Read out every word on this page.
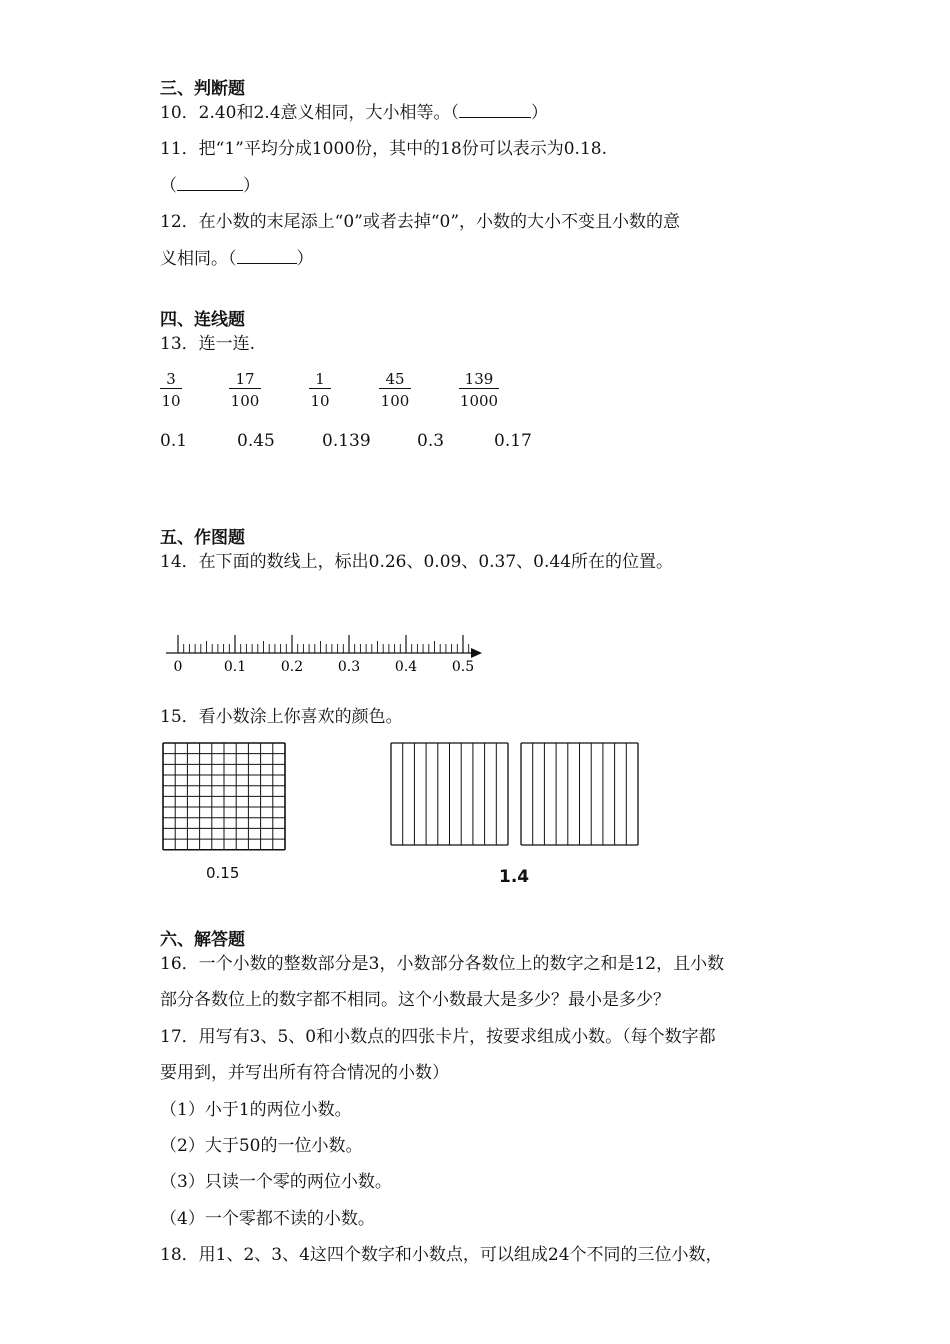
三、判断题
10．2.40和2.4意义相同，大小相等。（	）
11．把“1”平均分成1000份，其中的18份可以表示为0.18.
（	）
12．在小数的末尾添上“0”或者去掉“0”，小数的大小不变且小数的意
义相同。（	）
四、连线题
13．连一连.
$\frac{3}{10}$	$\frac{17}{100}$	$\frac{1}{10}$	$\frac{45}{100}$	$\frac{139}{1000}$
0.1	0.45	0.139	0.3	0.17
五、作图题
14．在下面的数线上，标出0.26、0.09、0.37、0.44所在的位置。
0	0.1 0.2 0.3 0.4 0.5
15．看小数涂上你喜欢的颜色。
0.15	1.4
六、解答题
16．一个小数的整数部分是3，小数部分各数位上的数字之和是12，且小数
部分各数位上的数字都不相同。这个小数最大是多少？最小是多少？
17．用写有3、5、0和小数点的四张卡片，按要求组成小数。（每个数字都
要用到，并写出所有符合情况的小数）
（1）小于1的两位小数。
（2）大于50的一位小数。
（3）只读一个零的两位小数。
（4）一个零都不读的小数。
18．用1、2、3、4这四个数字和小数点，可以组成24个不同的三位小数，
